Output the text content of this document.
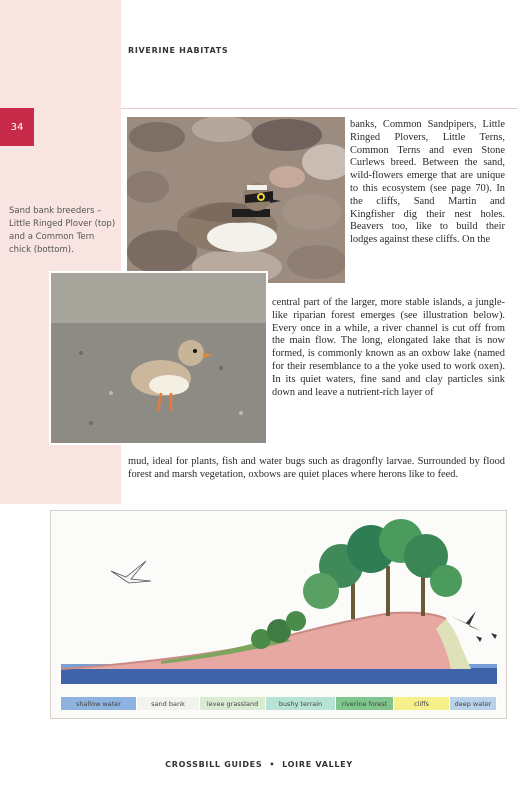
RIVERINE HABITATS
34
Sand bank breeders – Little Ringed Plover (top) and a Common Tern chick (bottom).

banks, Common Sandpipers, Little Ringed Plovers, Little Terns, Common Terns and even Stone Curlews breed. Between the sand, wild-flowers emerge that are unique to this ecosystem (see page 70). In the cliffs, Sand Martin and Kingfisher dig their nest holes. Beavers too, like to build their lodges against these cliffs. On the

central part of the larger, more stable islands, a jungle-like riparian forest emerges (see illustration below). Every once in a while, a river channel is cut off from the main flow. The long, elongated lake that is now formed, is commonly known as an oxbow lake (named for their resemblance to a the yoke used to work oxen). In its quiet waters, fine sand and clay particles sink down and leave a nutrient-rich layer of

mud, ideal for plants, fish and water bugs such as dragonfly larvae. Surrounded by flood forest and marsh vegetation, oxbows are quiet places where herons like to feed.

shallow water	sand bank	levee grassland	bushy terrain	riverine forest	cliffs	deep water
CROSSBILL GUIDES • LOIRE VALLEY
